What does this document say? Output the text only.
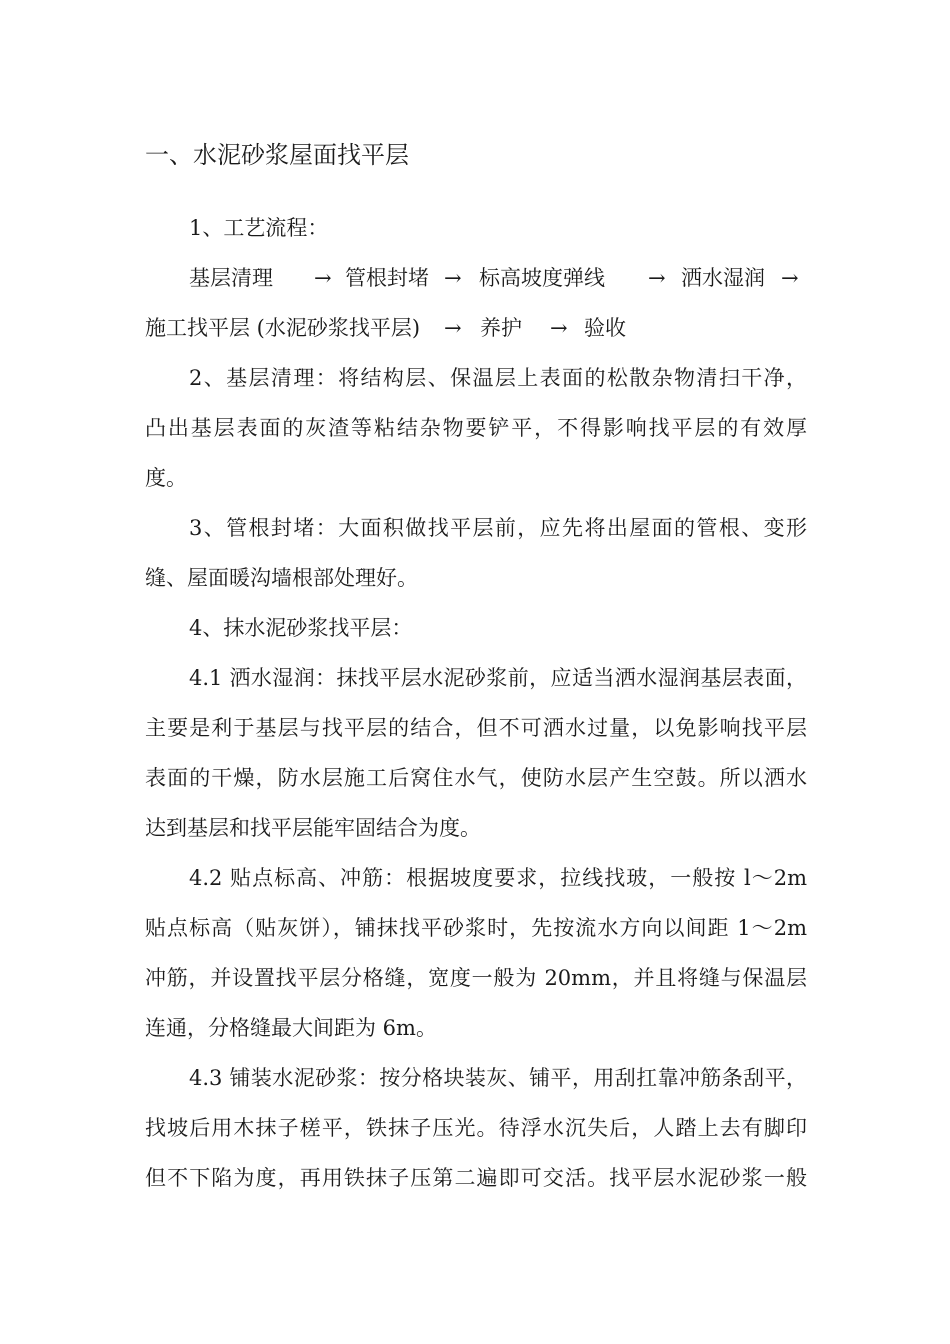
一、水泥砂浆屋面找平层
1、工艺流程：
基层清理 → 管根封堵 → 标高坡度弹线 → 洒水湿润 →
施工找平层 (水泥砂浆找平层) → 养护 → 验收
2、基层清理：将结构层、保温层上表面的松散杂物清扫干净，
凸出基层表面的灰渣等粘结杂物要铲平，不得影响找平层的有效厚
度。
3、管根封堵：大面积做找平层前，应先将出屋面的管根、变形
缝、屋面暖沟墙根部处理好。
4、抹水泥砂浆找平层：
4.1 洒水湿润：抹找平层水泥砂浆前，应适当洒水湿润基层表面，
主要是利于基层与找平层的结合，但不可洒水过量，以免影响找平层
表面的干燥，防水层施工后窝住水气，使防水层产生空鼓。所以洒水
达到基层和找平层能牢固结合为度。
4.2 贴点标高、冲筋：根据坡度要求，拉线找玻，一般按 l～2m
贴点标高（贴灰饼），铺抹找平砂浆时，先按流水方向以间距 1～2m
冲筋，并设置找平层分格缝，宽度一般为 20mm，并且将缝与保温层
连通，分格缝最大间距为 6m。
4.3 铺装水泥砂浆：按分格块装灰、铺平，用刮扛靠冲筋条刮平，
找坡后用木抹子槎平，铁抹子压光。待浮水沉失后，人踏上去有脚印
但不下陷为度，再用铁抹子压第二遍即可交活。找平层水泥砂浆一般
